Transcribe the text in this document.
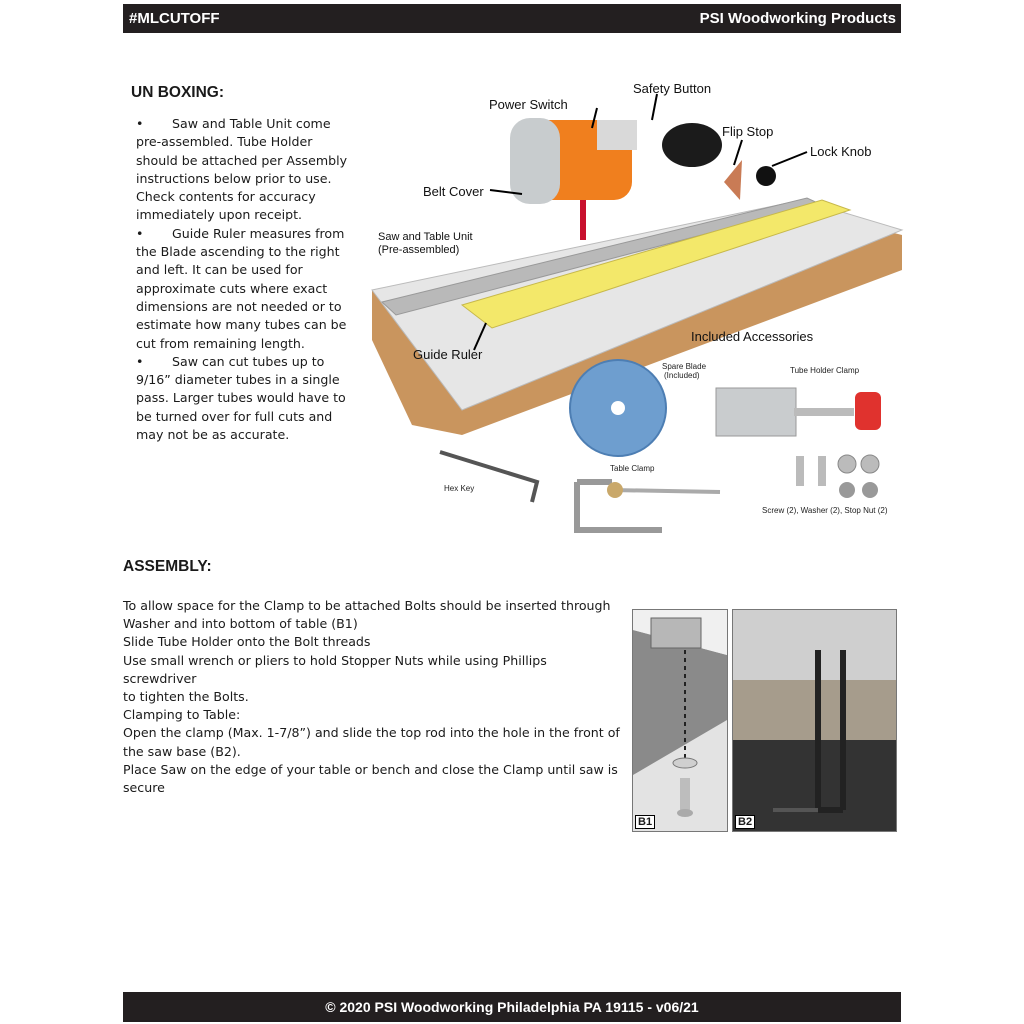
#MLCUTOFF	PSI Woodworking Products
UN BOXING:
• Saw and Table Unit come pre-assembled. Tube Holder should be attached per Assembly instructions below prior to use. Check contents for accuracy immediately upon receipt.
• Guide Ruler measures from the Blade ascending to the right and left. It can be used for approximate cuts where exact dimensions are not needed or to estimate how many tubes can be cut from remaining length.
• Saw can cut tubes up to 9/16” diameter tubes in a single pass. Larger tubes would have to be turned over for full cuts and may not be as accurate.
Power Switch
Safety Button
Flip Stop
Lock Knob
Belt Cover
Saw and Table Unit
(Pre-assembled)
Guide Ruler
Included Accessories
Spare Blade
(Included)
Tube Holder Clamp
Hex Key
Table Clamp
Screw (2), Washer (2), Stop Nut (2)
ASSEMBLY:
To allow space for the Clamp to be attached Bolts should be inserted through
Washer and into bottom of table (B1)
Slide Tube Holder onto the Bolt threads
Use small wrench or pliers to hold Stopper Nuts while using Phillips screwdriver
to tighten the Bolts.
Clamping to Table:
Open the clamp (Max. 1-7/8”) and slide the top rod into the hole in the front of
the saw base (B2).
Place Saw on the edge of your table or bench and close the Clamp until saw is
secure
B1	B2
© 2020 PSI Woodworking Philadelphia PA 19115 - v06/21
